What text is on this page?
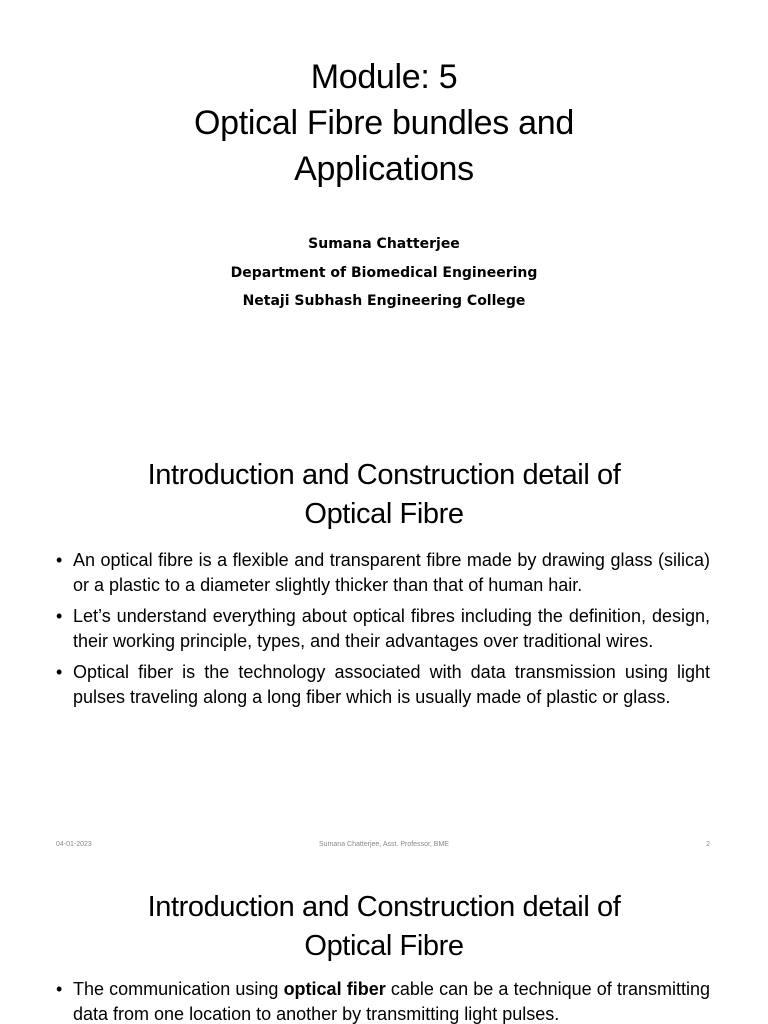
Module: 5
Optical Fibre bundles and
Applications

Sumana Chatterjee
Department of Biomedical Engineering
Netaji Subhash Engineering College

Introduction and Construction detail of
Optical Fibre
• An optical fibre is a flexible and transparent fibre made by drawing glass (silica) or a plastic to a diameter slightly thicker than that of human hair.
• Let’s understand everything about optical fibres including the definition, design, their working principle, types, and their advantages over traditional wires.
• Optical fiber is the technology associated with data transmission using light pulses traveling along a long fiber which is usually made of plastic or glass.
04-01-2023	Sumana Chatterjee, Asst. Professor, BME	2
Introduction and Construction detail of
Optical Fibre
• The communication using optical fiber cable can be a technique of transmitting data from one location to another by transmitting light pulses.
